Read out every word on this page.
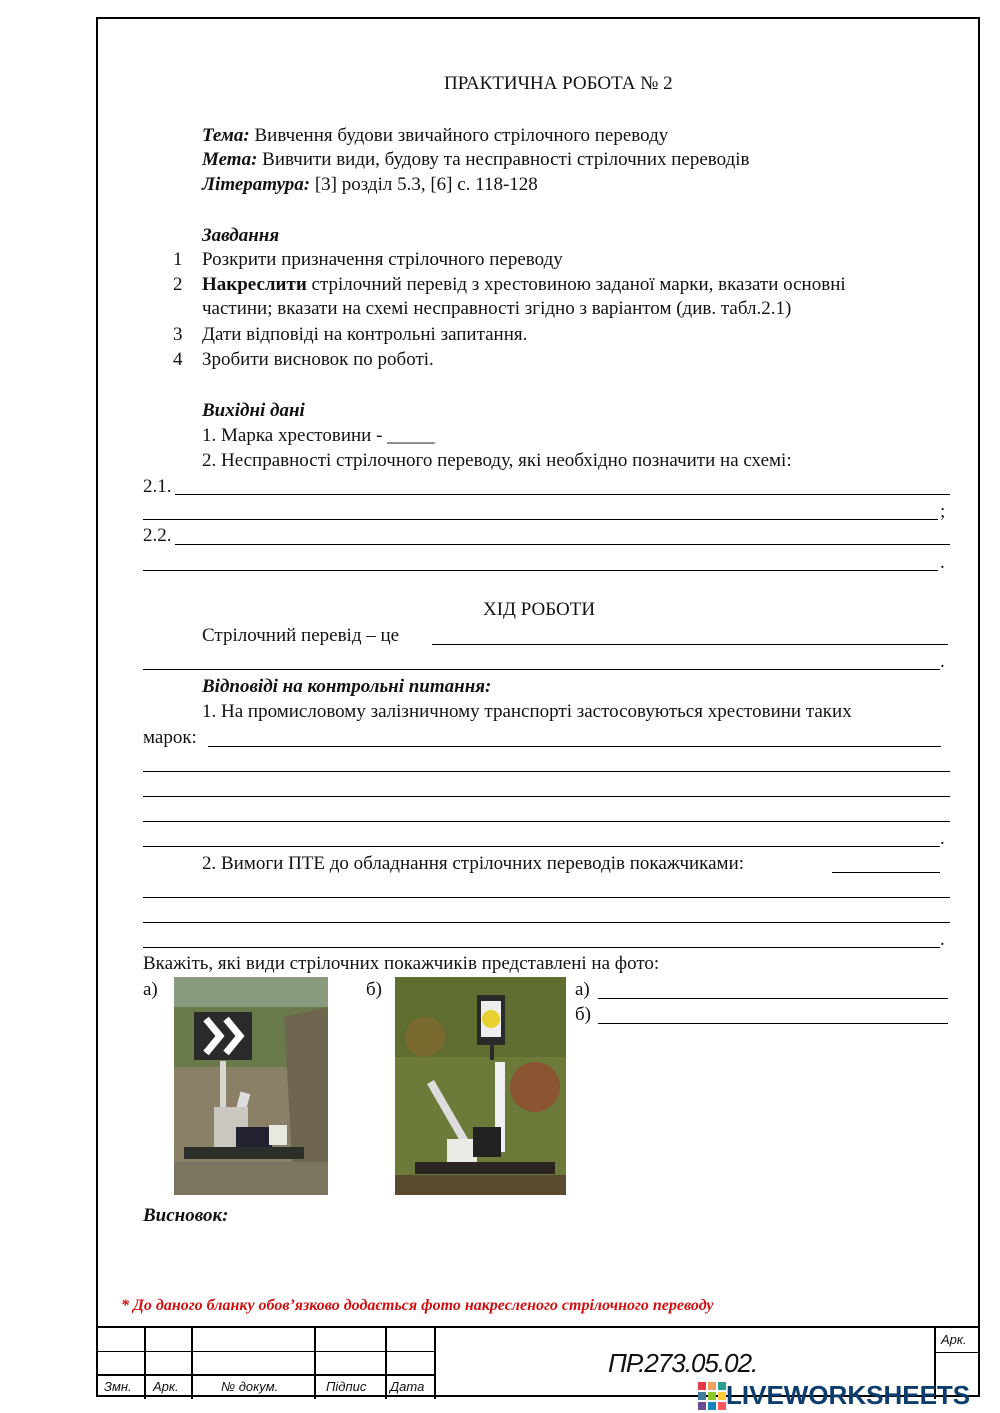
ПРАКТИЧНА РОБОТА № 2
Тема: Вивчення будови звичайного стрілочного переводу
Мета: Вивчити види, будову та несправності стрілочних переводів
Література: [3] розділ 5.3, [6] с. 118-128
Завдання
1 Розкрити призначення стрілочного переводу
2 Накреслити стрілочний перевід з хрестовиною заданої марки, вказати основні
частини; вказати на схемі несправності згідно з варіантом (див. табл.2.1)
3 Дати відповіді на контрольні запитання.
4 Зробити висновок по роботі.
Вихідні дані
1. Марка хрестовини - _____
2. Несправності стрілочного переводу, які необхідно позначити на схемі:
2.1.
;
2.2.
.
ХІД РОБОТИ
Стрілочний перевід – це
.
Відповіді на контрольні питання:
1. На промисловому залізничному транспорті застосовуються хрестовини таких
марок:
.
2. Вимоги ПТЕ до обладнання стрілочних переводів покажчиками:
.
Вкажіть, які види стрілочних покажчиків представлені на фото:
а)	б)	а)
б)
Висновок:
* До даного бланку обов’язково додається фото накресленого стрілочного переводу
Змн. Арк.	№ докум.	Підпис Дата
Арк.
ПР.273.05.02.
LIVEWORKSHEETS
